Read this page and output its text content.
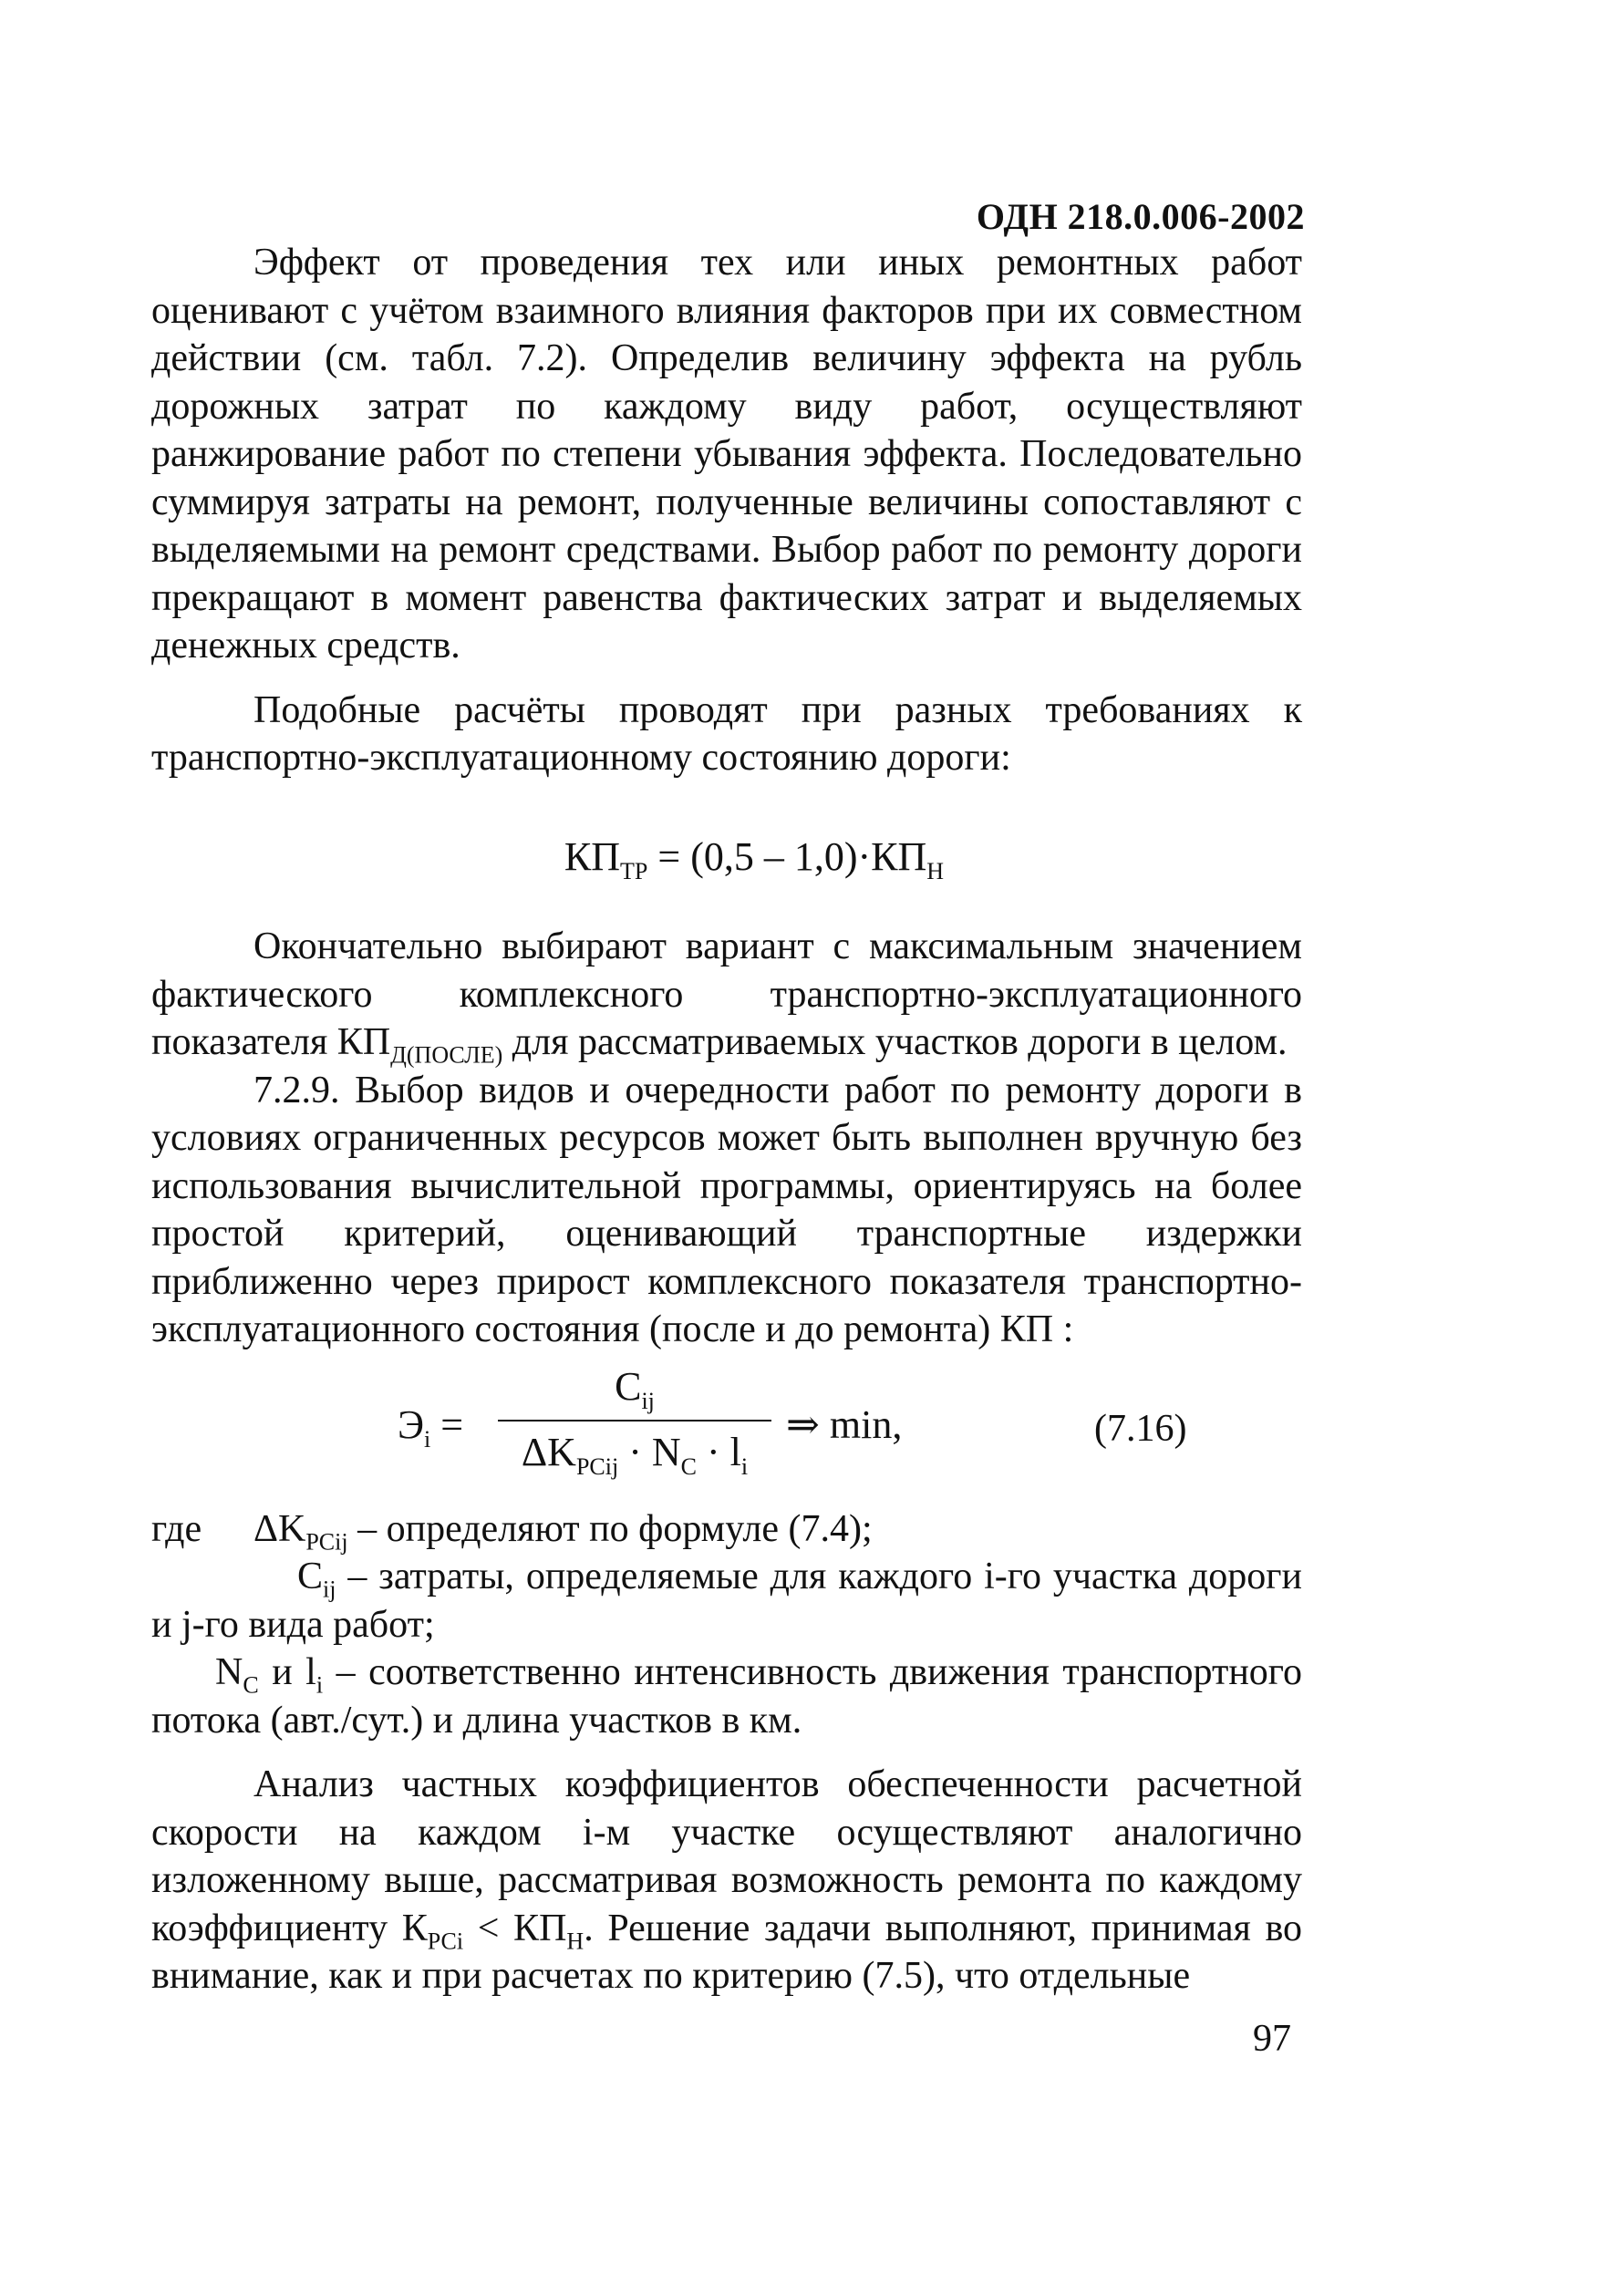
ОДН 218.0.006-2002

Эффект от проведения тех или иных ремонтных работ оценивают с учётом взаимного влияния факторов при их совместном действии (см. табл. 7.2). Определив величину эффекта на рубль дорожных затрат по каждому виду работ, осуществляют ранжирование работ по степени убывания эффекта. Последовательно суммируя затраты на ремонт, полученные величины сопоставляют с выделяемыми на ремонт средствами. Выбор работ по ремонту дороги прекращают в момент равенства фактических затрат и выделяемых денежных средств.

Подобные расчёты проводят при разных требованиях к транспортно-эксплуатационному состоянию дороги:

$КП_{ТР} = (0,5 - 1,0)\cdot КП_Н$

Окончательно выбирают вариант с максимальным значением фактического комплексного транспортно-эксплуатационного показателя $КП_{Д(ПОСЛЕ)}$ для рассматриваемых участков дороги в целом.

7.2.9. Выбор видов и очередности работ по ремонту дороги в условиях ограниченных ресурсов может быть выполнен вручную без использования вычислительной программы, ориентируясь на более простой критерий, оценивающий транспортные издержки приближенно через прирост комплексного показателя транспортно-эксплуатационного состояния (после и до ремонта) КП :

$Э_i$ =
$C_{ij}$
$\Delta K_{PCij} \cdot N_C \cdot l_i$
⇒ min,	(7.16)

где $\Delta K_{PCij}$ – определяют по формуле (7.4);

$C_{ij}$ – затраты, определяемые для каждого i-го участка дороги и j-го вида работ;

$N_C$ и $l_i$ – соответственно интенсивность движения транспортного потока (авт./сут.) и длина участков в км.

Анализ частных коэффициентов обеспеченности расчетной скорости на каждом i-м участке осуществляют аналогично изложенному выше, рассматривая возможность ремонта по каждому коэффициенту $К_{РСi} < КП_Н$. Решение задачи выполняют, принимая во внимание, как и при расчетах по критерию (7.5), что отдельные

97
